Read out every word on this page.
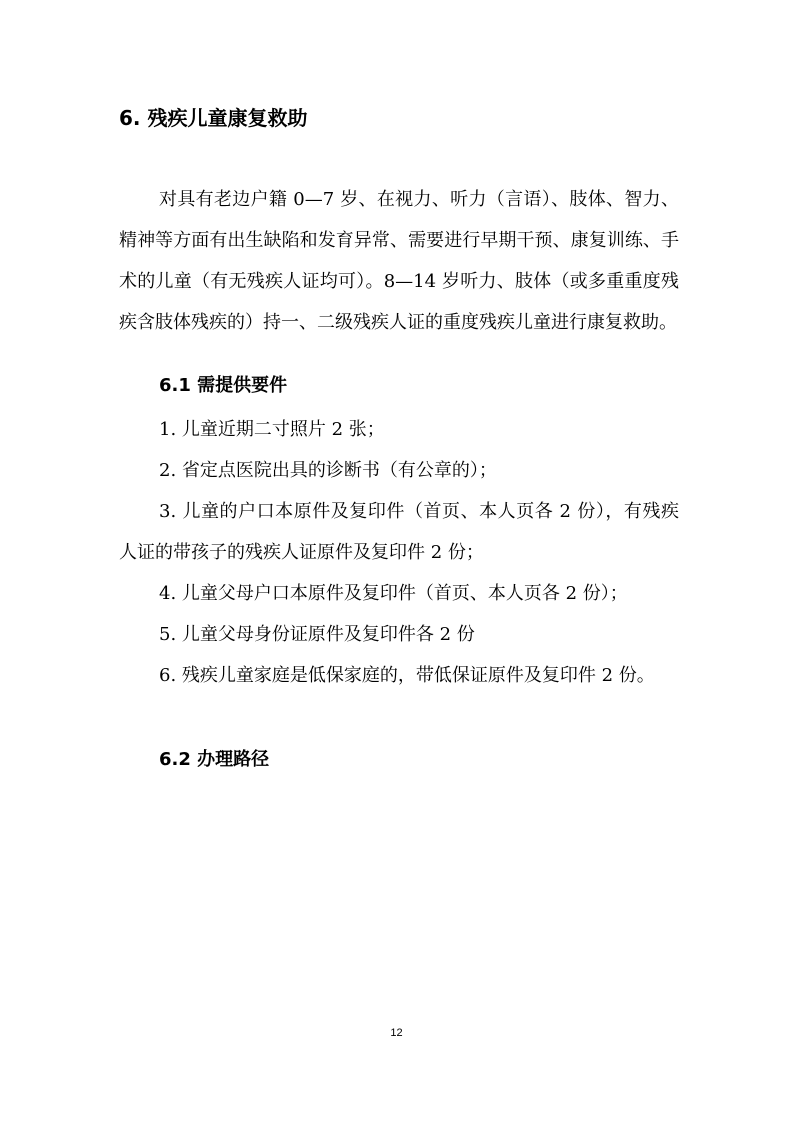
6. 残疾儿童康复救助

对具有老边户籍 0—7 岁、在视力、听力（言语）、肢体、智力、精神等方面有出生缺陷和发育异常、需要进行早期干预、康复训练、手术的儿童（有无残疾人证均可）。8—14 岁听力、肢体（或多重重度残疾含肢体残疾的）持一、二级残疾人证的重度残疾儿童进行康复救助。

6.1 需提供要件
1. 儿童近期二寸照片 2 张；
2. 省定点医院出具的诊断书（有公章的）；
3. 儿童的户口本原件及复印件（首页、本人页各 2 份），有残疾人证的带孩子的残疾人证原件及复印件 2 份；
4. 儿童父母户口本原件及复印件（首页、本人页各 2 份）；
5. 儿童父母身份证原件及复印件各 2 份
6. 残疾儿童家庭是低保家庭的，带低保证原件及复印件 2 份。
6.2 办理路径
12
